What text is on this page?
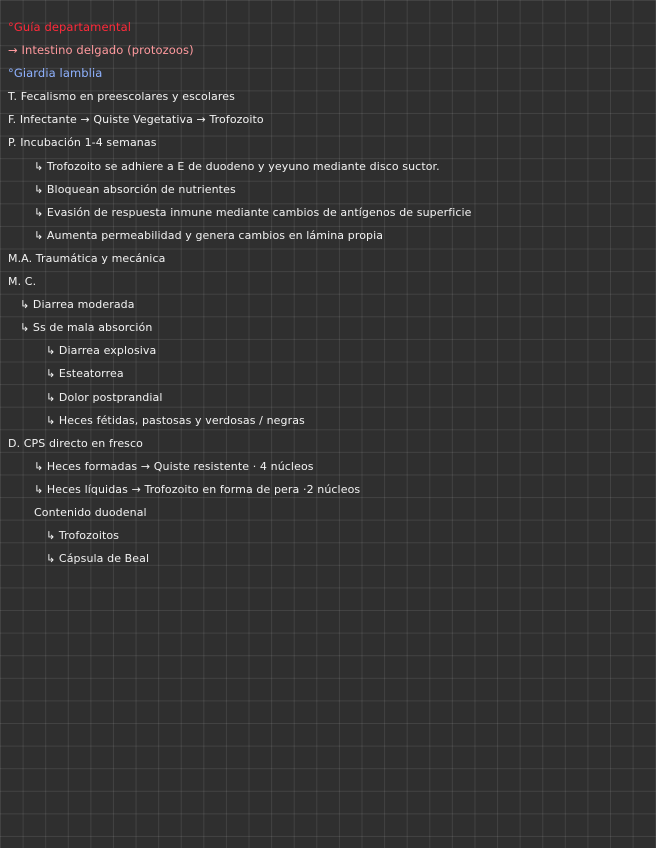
°Guía departamental
→ Intestino delgado (protozoos)
°Giardia lamblia
T. Fecalismo en preescolares y escolares
F. Infectante → Quiste Vegetativa → Trofozoito
P. Incubación 1-4 semanas
↳ Trofozoito se adhiere a E de duodeno y yeyuno mediante disco suctor.
↳ Bloquean absorción de nutrientes
↳ Evasión de respuesta inmune mediante cambios de antígenos de superficie
↳ Aumenta permeabilidad y genera cambios en lámina propia
M.A. Traumática y mecánica
M. C.
↳ Diarrea moderada
↳ Ss de mala absorción
↳ Diarrea explosiva
↳ Esteatorrea
↳ Dolor postprandial
↳ Heces fétidas, pastosas y verdosas / negras
D. CPS directo en fresco
↳ Heces formadas → Quiste resistente · 4 núcleos
↳ Heces líquidas → Trofozoito en forma de pera ·2 núcleos
Contenido duodenal
↳ Trofozoitos
↳ Cápsula de Beal
